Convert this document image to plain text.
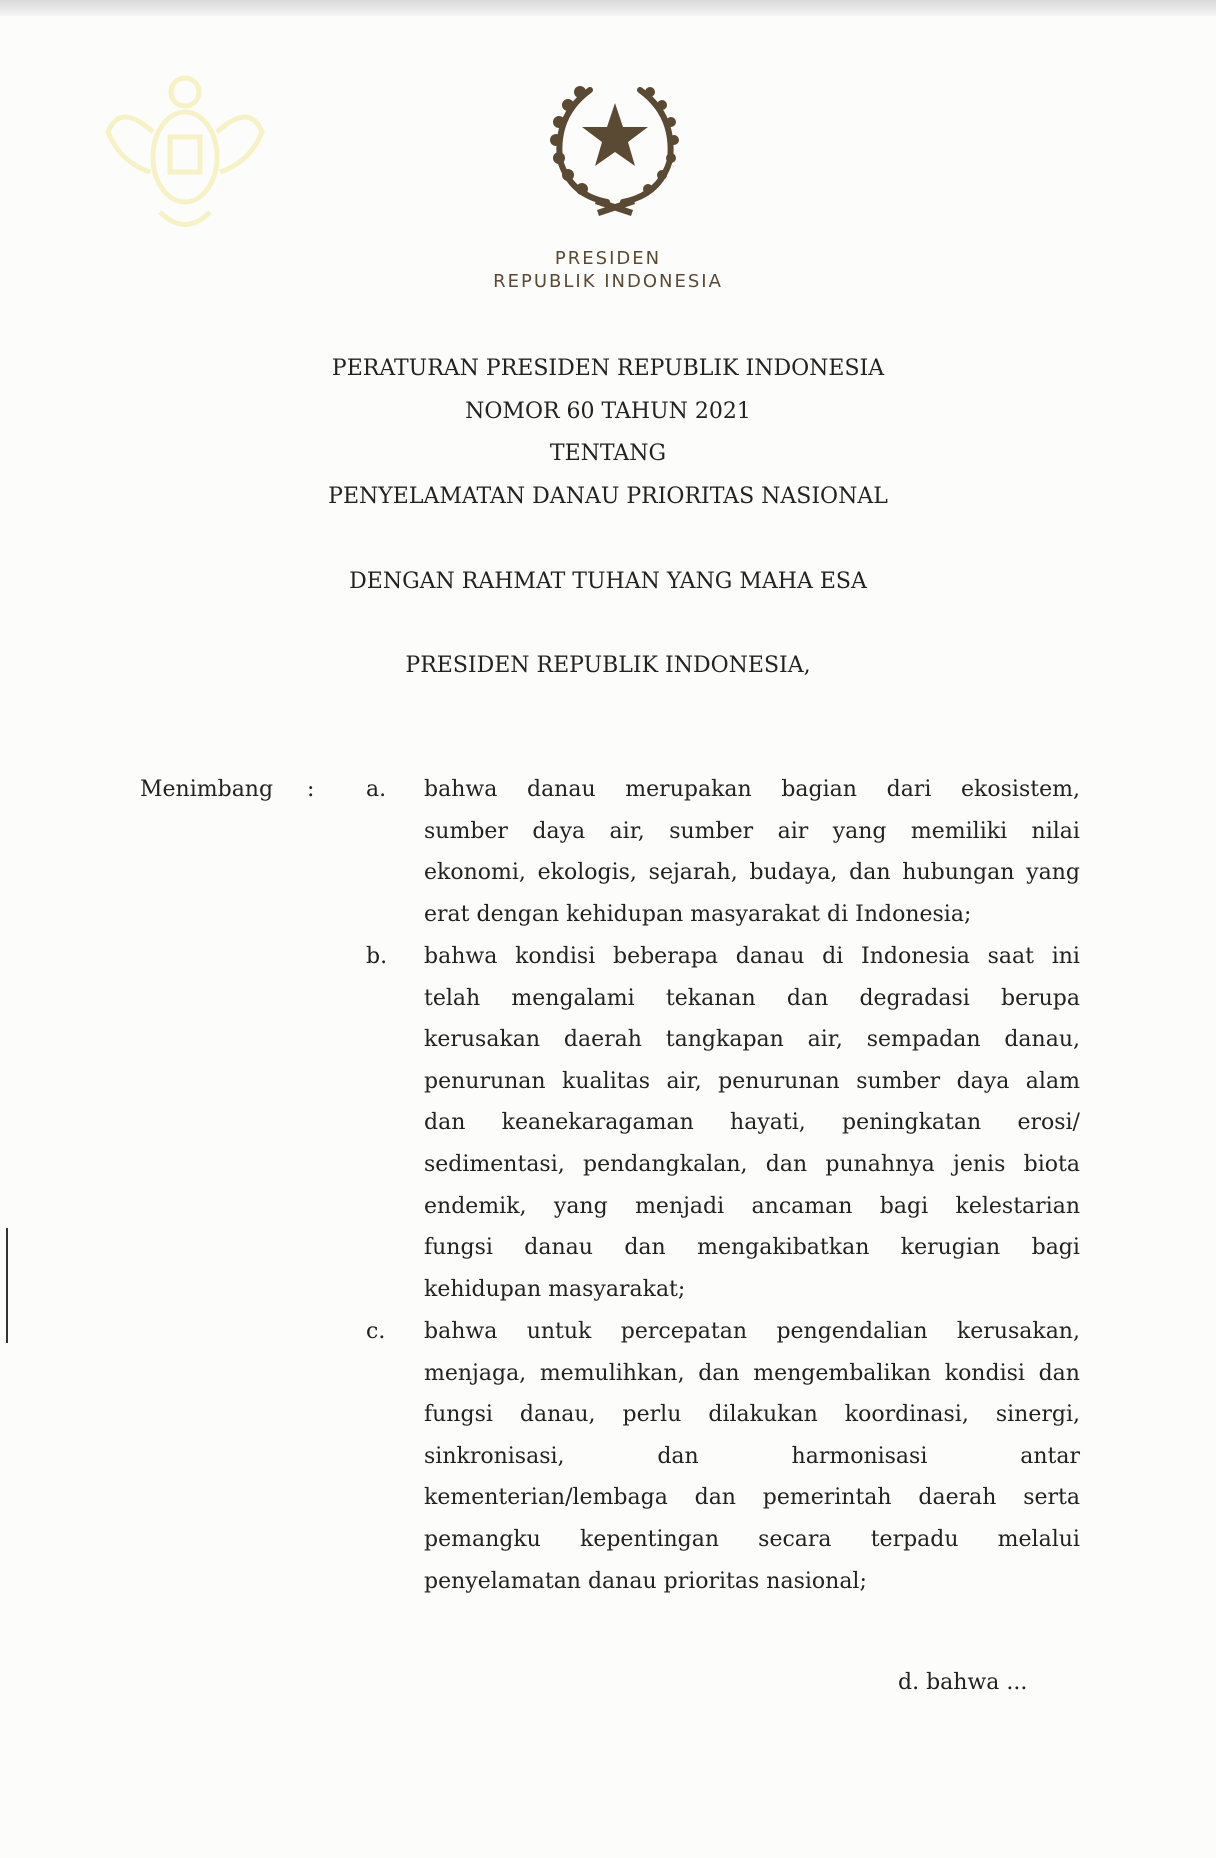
PRESIDEN
REPUBLIK INDONESIA
PERATURAN PRESIDEN REPUBLIK INDONESIA
NOMOR 60 TAHUN 2021
TENTANG
PENYELAMATAN DANAU PRIORITAS NASIONAL
DENGAN RAHMAT TUHAN YANG MAHA ESA
PRESIDEN REPUBLIK INDONESIA,
Menimbang : a. bahwa danau merupakan bagian dari ekosistem,
sumber daya air, sumber air yang memiliki nilai
ekonomi, ekologis, sejarah, budaya, dan hubungan yang
erat dengan kehidupan masyarakat di Indonesia;
b. bahwa kondisi beberapa danau di Indonesia saat ini
telah mengalami tekanan dan degradasi berupa
kerusakan daerah tangkapan air, sempadan danau,
penurunan kualitas air, penurunan sumber daya alam
dan keanekaragaman hayati, peningkatan erosi/
sedimentasi, pendangkalan, dan punahnya jenis biota
endemik, yang menjadi ancaman bagi kelestarian
fungsi danau dan mengakibatkan kerugian bagi
kehidupan masyarakat;
c. bahwa untuk percepatan pengendalian kerusakan,
menjaga, memulihkan, dan mengembalikan kondisi dan
fungsi danau, perlu dilakukan koordinasi, sinergi,
sinkronisasi,	dan	harmonisasi	antar
kementerian/lembaga dan pemerintah daerah serta
pemangku kepentingan secara terpadu melalui
penyelamatan danau prioritas nasional;
d. bahwa ...
